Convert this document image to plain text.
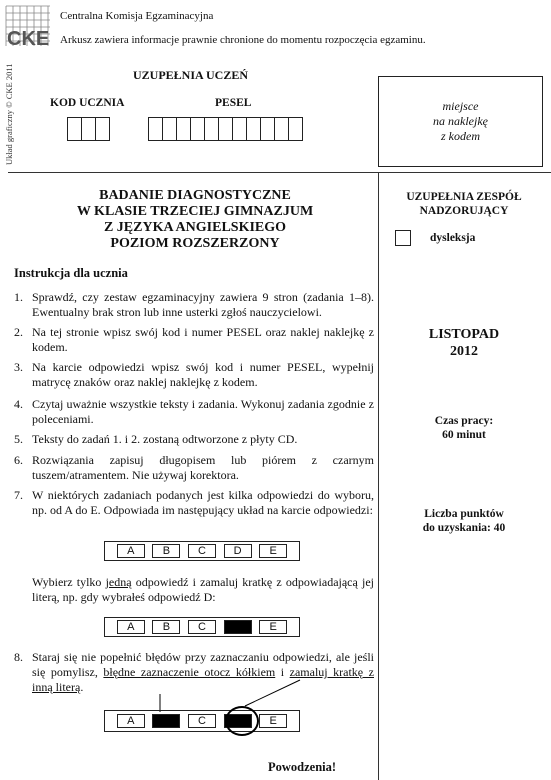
CKE
Centralna Komisja Egzaminacyjna
Arkusz zawiera informacje prawnie chronione do momentu rozpoczęcia egzaminu.
Układ graficzny © CKE 2011	UZUPEŁNIA UCZEŃ
KOD UCZNIA	PESEL	miejsce
na naklejkę
z kodem
BADANIE DIAGNOSTYCZNE
W KLASIE TRZECIEJ GIMNAZJUM
Z JĘZYKA ANGIELSKIEGO
POZIOM ROZSZERZONY
UZUPEŁNIA ZESPÓŁ
NADZORUJĄCY
dysleksja
LISTOPAD
2012
Czas pracy:
60 minut
Liczba punktów
do uzyskania: 40
Instrukcja dla ucznia
1. Sprawdź, czy zestaw egzaminacyjny zawiera 9 stron (zadania 1–8). Ewentualny brak stron lub inne usterki zgłoś nauczycielowi.
2. Na tej stronie wpisz swój kod i numer PESEL oraz naklej naklejkę z kodem.
3. Na karcie odpowiedzi wpisz swój kod i numer PESEL, wypełnij matrycę znaków oraz naklej naklejkę z kodem.
4. Czytaj uważnie wszystkie teksty i zadania. Wykonuj zadania zgodnie z poleceniami.
5. Teksty do zadań 1. i 2. zostaną odtworzone z płyty CD.
6. Rozwiązania zapisuj długopisem lub piórem z czarnym tuszem/atramentem. Nie używaj korektora.
7. W niektórych zadaniach podanych jest kilka odpowiedzi do wyboru, np. od A do E. Odpowiada im następujący układ na karcie odpowiedzi:
A	B	C	D	E
Wybierz tylko jedną odpowiedź i zamaluj kratkę z odpowiadającą jej literą, np. gdy wybrałeś odpowiedź D:
A	B	C	E
8. Staraj się nie popełnić błędów przy zaznaczaniu odpowiedzi, ale jeśli się pomylisz, błędne zaznaczenie otocz kółkiem i zamaluj kratkę z inną literą.
A	C	E
Powodzenia!
